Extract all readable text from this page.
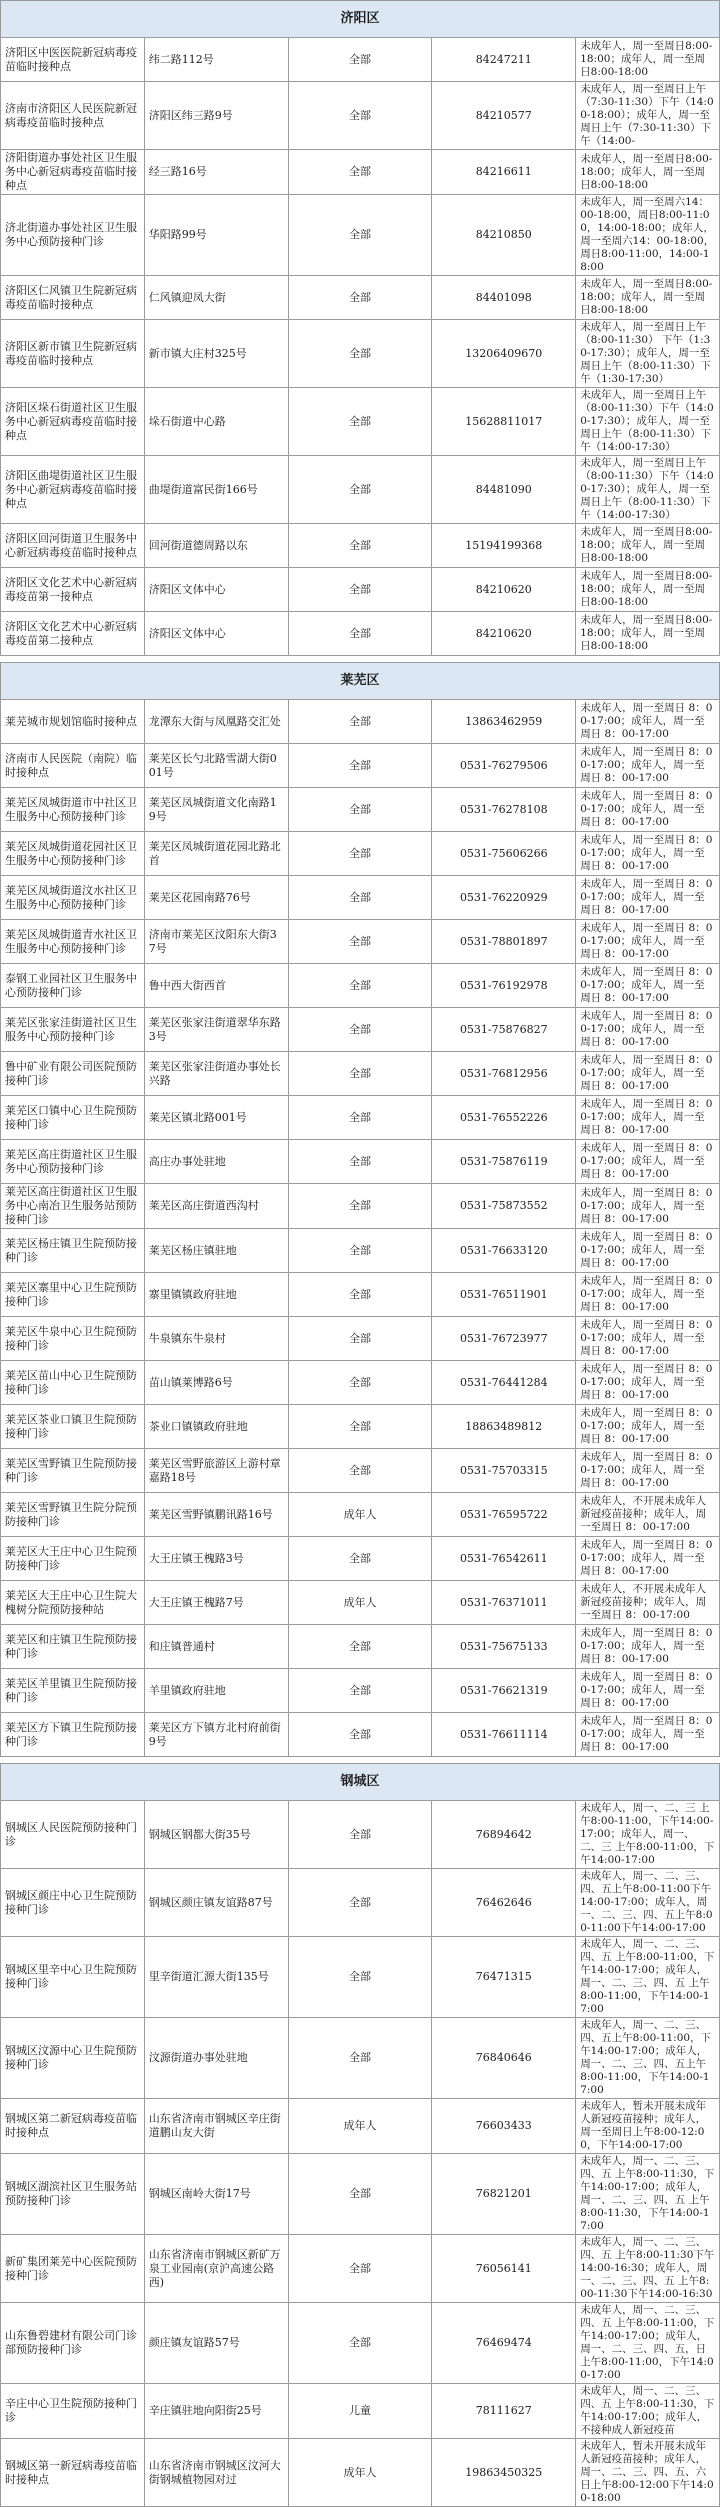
济阳区				
济阳区中医医院新冠病毒疫苗临时接种点	纬二路112号	全部	84247211	未成年人，周一至周日8:00-18:00；成年人，周一至周日8:00-18:00
济南市济阳区人民医院新冠病毒疫苗临时接种点	济阳区纬三路9号	全部	84210577	未成年人，周一至周日上午（7:30-11:30）下午（14:00-18:00）；成年人，周一至周日上午（7:30-11:30）下午（14:00-
济阳街道办事处社区卫生服务中心新冠病毒疫苗临时接种点	经三路16号	全部	84216611	未成年人，周一至周日8:00-18:00；成年人，周一至周日8:00-18:00
济北街道办事处社区卫生服务中心预防接种门诊	华阳路99号	全部	84210850	未成年人，周一至周六14：00-18:00，周日8:00-11:00，14:00-18:00；成年人，周一至周六14：00-18:00，周日8:00-11:00，14:00-18:00
济阳区仁风镇卫生院新冠病毒疫苗临时接种点	仁风镇迎凤大街	全部	84401098	未成年人，周一至周日8:00-18:00；成年人，周一至周日8:00-18:00
济阳区新市镇卫生院新冠病毒疫苗临时接种点	新市镇大庄村325号	全部	13206409670	未成年人，周一至周日上午（8:00-11:30） 下午（1:30-17:30）；成年人，周一至周日上午（8:00-11:30）下午（1:30-17:30）
济阳区垛石街道社区卫生服务中心新冠病毒疫苗临时接种点	垛石街道中心路	全部	15628811017	未成年人，周一至周日上午（8:00-11:30）下午（14:00-17:30）；成年人，周一至周日上午（8:00-11:30）下午（14:00-17:30）
济阳区曲堤街道社区卫生服务中心新冠病毒疫苗临时接种点	曲堤街道富民街166号	全部	84481090	未成年人，周一至周日上午（8:00-11:30）下午（14:00-17:30）；成年人，周一至周日上午（8:00-11:30）下午（14:00-17:30）
济阳区回河街道卫生服务中心新冠病毒疫苗临时接种点	回河街道德周路以东	全部	15194199368	未成年人，周一至周日8:00-18:00；成年人，周一至周日8:00-18:00
济阳区文化艺术中心新冠病毒疫苗第一接种点	济阳区文体中心	全部	84210620	未成年人，周一至周日8:00-18:00；成年人，周一至周日8:00-18:00
济阳区文化艺术中心新冠病毒疫苗第二接种点	济阳区文体中心	全部	84210620	未成年人，周一至周日8:00-18:00；成年人，周一至周日8:00-18:00

莱芜区				
莱芜城市规划馆临时接种点	龙潭东大街与凤凰路交汇处	全部	13863462959	未成年人，周一至周日 8：00-17:00；成年人，周一至周日 8：00-17:00
济南市人民医院（南院）临时接种点	莱芜区长勺北路雪湖大街001号	全部	0531-76279506	未成年人，周一至周日 8：00-17:00；成年人，周一至周日 8：00-17:00
莱芜区凤城街道市中社区卫生服务中心预防接种门诊	莱芜区凤城街道文化南路19号	全部	0531-76278108	未成年人，周一至周日 8：00-17:00；成年人，周一至周日 8：00-17:00
莱芜区凤城街道花园社区卫生服务中心预防接种门诊	莱芜区凤城街道花园北路北首	全部	0531-75606266	未成年人，周一至周日 8：00-17:00；成年人，周一至周日 8：00-17:00
莱芜区凤城街道汶水社区卫生服务中心预防接种门诊	莱芜区花园南路76号	全部	0531-76220929	未成年人，周一至周日 8：00-17:00；成年人，周一至周日 8：00-17:00
莱芜区凤城街道青水社区卫生服务中心预防接种门诊	济南市莱芜区汶阳东大街37号	全部	0531-78801897	未成年人，周一至周日 8：00-17:00；成年人，周一至周日 8：00-17:00
泰钢工业园社区卫生服务中心预防接种门诊	鲁中西大街西首	全部	0531-76192978	未成年人，周一至周日 8：00-17:00；成年人，周一至周日 8：00-17:00
莱芜区张家洼街道社区卫生服务中心预防接种门诊	莱芜区张家洼街道翠华东路3号	全部	0531-75876827	未成年人，周一至周日 8：00-17:00；成年人，周一至周日 8：00-17:00
鲁中矿业有限公司医院预防接种门诊	莱芜区张家洼街道办事处长兴路	全部	0531-76812956	未成年人，周一至周日 8：00-17:00；成年人，周一至周日 8：00-17:00
莱芜区口镇中心卫生院预防接种门诊	莱芜区镇北路001号	全部	0531-76552226	未成年人，周一至周日 8：00-17:00；成年人，周一至周日 8：00-17:00
莱芜区高庄街道社区卫生服务中心预防接种门诊	高庄办事处驻地	全部	0531-75876119	未成年人，周一至周日 8：00-17:00；成年人，周一至周日 8：00-17:00
莱芜区高庄街道社区卫生服务中心南冶卫生服务站预防接种门诊	莱芜区高庄街道西沟村	全部	0531-75873552	未成年人，周一至周日 8：00-17:00；成年人，周一至周日 8：00-17:00
莱芜区杨庄镇卫生院预防接种门诊	莱芜区杨庄镇驻地	全部	0531-76633120	未成年人，周一至周日 8：00-17:00；成年人，周一至周日 8：00-17:00
莱芜区寨里中心卫生院预防接种门诊	寨里镇镇政府驻地	全部	0531-76511901	未成年人，周一至周日 8：00-17:00；成年人，周一至周日 8：00-17:00
莱芜区牛泉中心卫生院预防接种门诊	牛泉镇东牛泉村	全部	0531-76723977	未成年人，周一至周日 8：00-17:00；成年人，周一至周日 8：00-17:00
莱芜区苗山中心卫生院预防接种门诊	苗山镇莱博路6号	全部	0531-76441284	未成年人，周一至周日 8：00-17:00；成年人，周一至周日 8：00-17:00
莱芜区茶业口镇卫生院预防接种门诊	茶业口镇镇政府驻地	全部	18863489812	未成年人，周一至周日 8：00-17:00；成年人，周一至周日 8：00-17:00
莱芜区雪野镇卫生院预防接种门诊	莱芜区雪野旅游区上游村章嘉路18号	全部	0531-75703315	未成年人，周一至周日 8：00-17:00；成年人，周一至周日 8：00-17:00
莱芜区雪野镇卫生院分院预防接种门诊	莱芜区雪野镇鹏讯路16号	成年人	0531-76595722	未成年人，不开展未成年人新冠疫苗接种；成年人，周一至周日 8：00-17:00
莱芜区大王庄中心卫生院预防接种门诊	大王庄镇王槐路3号	全部	0531-76542611	未成年人，周一至周日 8：00-17:00；成年人，周一至周日 8：00-17:00
莱芜区大王庄中心卫生院大槐树分院预防接种站	大王庄镇王槐路7号	成年人	0531-76371011	未成年人，不开展未成年人新冠疫苗接种；成年人，周一至周日 8：00-17:00
莱芜区和庄镇卫生院预防接种门诊	和庄镇普通村	全部	0531-75675133	未成年人，周一至周日 8：00-17:00；成年人，周一至周日 8：00-17:00
莱芜区羊里镇卫生院预防接种门诊	羊里镇政府驻地	全部	0531-76621319	未成年人，周一至周日 8：00-17:00；成年人，周一至周日 8：00-17:00
莱芜区方下镇卫生院预防接种门诊	莱芜区方下镇方北村府前街9号	全部	0531-76611114	未成年人，周一至周日 8：00-17:00；成年人，周一至周日 8：00-17:00

钢城区				
钢城区人民医院预防接种门诊	钢城区钢都大街35号	全部	76894642	未成年人，周一、二、三 上午8:00-11:00，下午14:00-17:00；成年人，周一、二、三 上午8:00-11:00，下午14:00-17:00
钢城区颜庄中心卫生院预防接种门诊	钢城区颜庄镇友谊路87号	全部	76462646	未成年人，周一、二、三、四、五上午8:00-11:00下午14:00-17:00；成年人，周一、二、三、四、五上午8:00-11:00下午14:00-17:00
钢城区里辛中心卫生院预防接种门诊	里辛街道汇源大街135号	全部	76471315	未成年人，周一、二、三、四、五 上午8:00-11:00，下午14:00-17:00；成年人，周一、二、三、四、五 上午8:00-11:00，下午14:00-17:00
钢城区汶源中心卫生院预防接种门诊	汶源街道办事处驻地	全部	76840646	未成年人，周一、二、三、四、五上午8:00-11:00，下午14:00-17:00；成年人，周一、二、三、四、五上午8:00-11:00，下午14:00-17:00
钢城区第二新冠病毒疫苗临时接种点	山东省济南市钢城区辛庄街道鹏山友大街	成年人	76603433	未成年人，暂未开展未成年人新冠疫苗接种；成年人，周一至周日上午8:00-12:00，下午14:00-17:00
钢城区湖滨社区卫生服务站预防接种门诊	钢城区南岭大街17号	全部	76821201	未成年人，周一、二、三、四、五 上午8:00-11:30，下午14:00-17:00；成年人，周一、二、三、四、五 上午8:00-11:30，下午14:00-17:00
新矿集团莱芜中心医院预防接种门诊	山东省济南市钢城区新矿万泉工业园南(京沪高速公路西)	全部	76056141	未成年人，周一、二、三、四、五 上午8:00-11:30下午14:00-16:30；成年人，周一、二、三、四、五 上午8:00-11:30下午14:00-16:30
山东鲁碧建材有限公司门诊部预防接种门诊	颜庄镇友谊路57号	全部	76469474	未成年人，周一、二、三、四、五 上午8:00-11:00，下午14:00-17:00；成年人，周一、二、三、四、五，日上午8:00-11:00，下午14:00-17:00
辛庄中心卫生院预防接种门诊	辛庄镇驻地向阳街25号	儿童	78111627	未成年人，周一、二、三、四、五 上午8:00-11:30，下午14:00-17:00；成年人，不接种成人新冠疫苗
钢城区第一新冠病毒疫苗临时接种点	山东省济南市钢城区汶河大街钢城植物园对过	成年人	19863450325	未成年人，暂未开展未成年人新冠疫苗接种；成年人，周一、二、三、四、五、六日上午8:00-12:00下午14:00-18:00
